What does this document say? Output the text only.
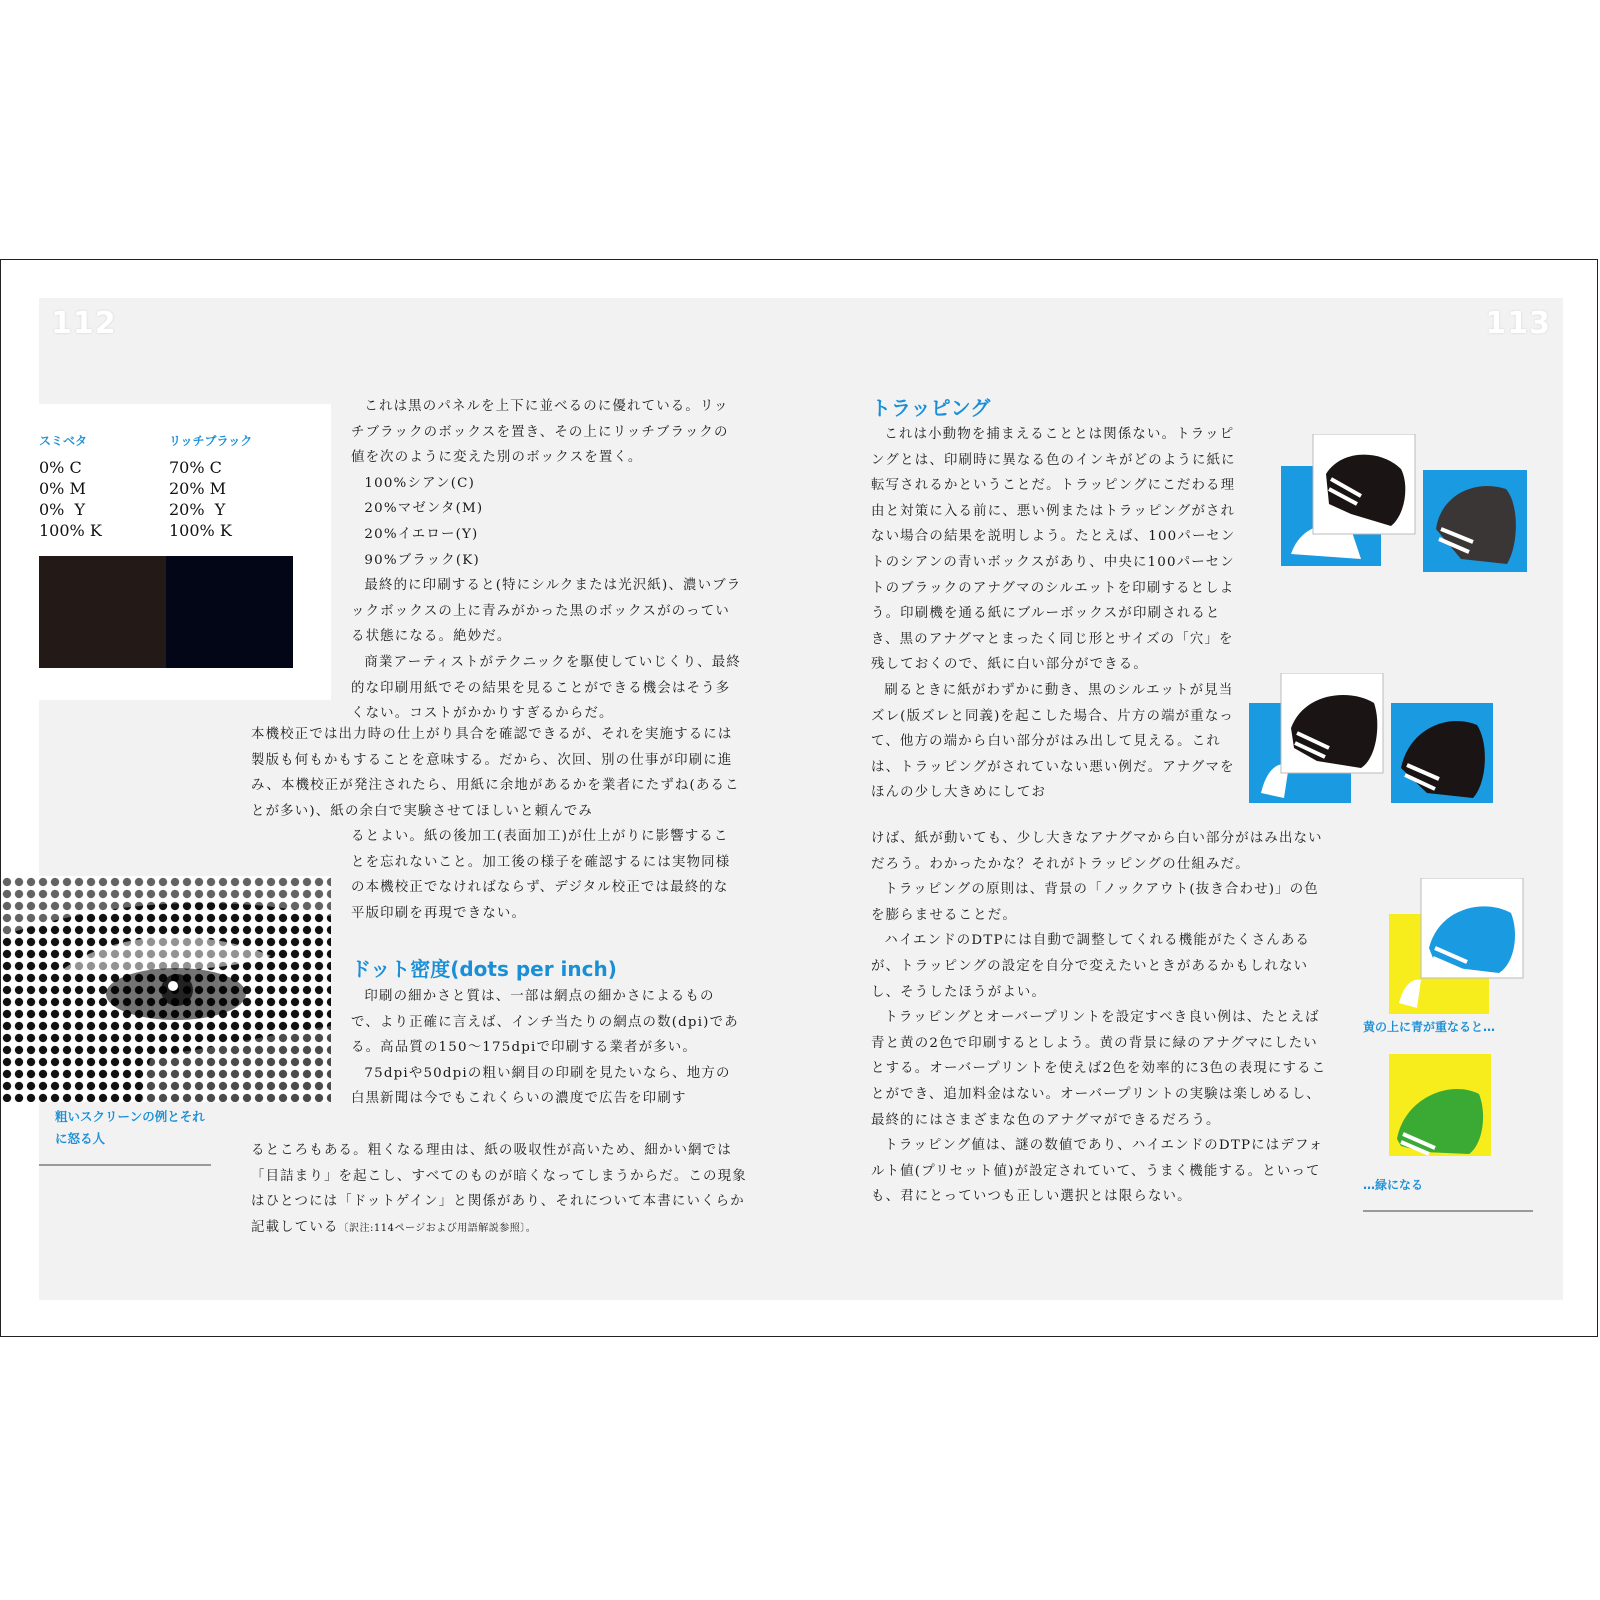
112	113
スミベタ
0% C
0% M
0%  Y
100% K
リッチブラック
70% C
20% M
20%  Y
100% K

これは黒のパネルを上下に並べるのに優れている。リッチブラックのボックスを置き、その上にリッチブラックの値を次のように変えた別のボックスを置く。

100%シアン(C)

20%マゼンタ(M)

20%イエロー(Y)

90%ブラック(K)

最終的に印刷すると(特にシルクまたは光沢紙)、濃いブラックボックスの上に青みがかった黒のボックスがのっている状態になる。絶妙だ。

商業アーティストがテクニックを駆使していじくり、最終的な印刷用紙でその結果を見ることができる機会はそう多くない。コストがかかりすぎるからだ。

本機校正では出力時の仕上がり具合を確認できるが、それを実施するには製版も何もかもすることを意味する。だから、次回、別の仕事が印刷に進み、本機校正が発注されたら、用紙に余地があるかを業者にたずね(あることが多い)、紙の余白で実験させてほしいと頼んでみ

るとよい。紙の後加工(表面加工)が仕上がりに影響することを忘れないこと。加工後の様子を確認するには実物同様の本機校正でなければならず、デジタル校正では最終的な平版印刷を再現できない。

ドット密度(dots per inch)

印刷の細かさと質は、一部は網点の細かさによるもので、より正確に言えば、インチ当たりの網点の数(dpi)である。高品質の150〜175dpiで印刷する業者が多い。

75dpiや50dpiの粗い網目の印刷を見たいなら、地方の白黒新聞は今でもこれくらいの濃度で広告を印刷す

るところもある。粗くなる理由は、紙の吸収性が高いため、細かい網では「目詰まり」を起こし、すべてのものが暗くなってしまうからだ。この現象はひとつには「ドットゲイン」と関係があり、それについて本書にいくらか記載している〔訳注:114ページおよび用語解説参照〕。

粗いスクリーンの例とそれ
に怒る人
トラッピング

これは小動物を捕まえることとは関係ない。トラッピングとは、印刷時に異なる色のインキがどのように紙に転写されるかということだ。トラッピングにこだわる理由と対策に入る前に、悪い例またはトラッピングがされない場合の結果を説明しよう。たとえば、100パーセントのシアンの青いボックスがあり、中央に100パーセントのブラックのアナグマのシルエットを印刷するとしよう。印刷機を通る紙にブルーボックスが印刷されるとき、黒のアナグマとまったく同じ形とサイズの「穴」を残しておくので、紙に白い部分ができる。

刷るときに紙がわずかに動き、黒のシルエットが見当ズレ(版ズレと同義)を起こした場合、片方の端が重なって、他方の端から白い部分がはみ出して見える。これは、トラッピングがされていない悪い例だ。アナグマをほんの少し大きめにしてお

けば、紙が動いても、少し大きなアナグマから白い部分がはみ出ないだろう。わかったかな？それがトラッピングの仕組みだ。

トラッピングの原則は、背景の「ノックアウト(抜き合わせ)」の色を膨らませることだ。

ハイエンドのDTPには自動で調整してくれる機能がたくさんあるが、トラッピングの設定を自分で変えたいときがあるかもしれないし、そうしたほうがよい。

トラッピングとオーバープリントを設定すべき良い例は、たとえば青と黄の2色で印刷するとしよう。黄の背景に緑のアナグマにしたいとする。オーバープリントを使えば2色を効率的に3色の表現にすることができ、追加料金はない。オーバープリントの実験は楽しめるし、最終的にはさまざまな色のアナグマができるだろう。

トラッピング値は、謎の数値であり、ハイエンドのDTPにはデフォルト値(プリセット値)が設定されていて、うまく機能する。といっても、君にとっていつも正しい選択とは限らない。

黄の上に青が重なると…
…緑になる
